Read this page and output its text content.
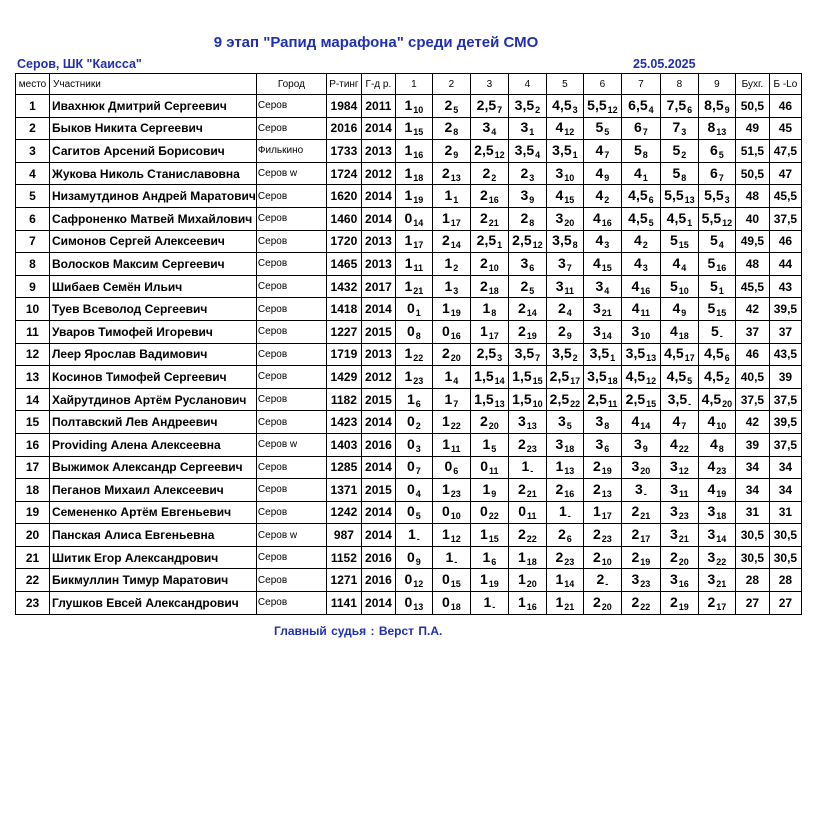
9 этап "Рапид марафона" среди детей СМО
Серов, ШК "Каисса"	25.05.2025
место	Участники	Город	Р-тинг	Г-д р.	1	2	3	4	5	6	7	8	9	Бухг.	Б -Lo
1	Ивахнюк Дмитрий Сергеевич	Серов	1984	2011	$1_{10}$	$2_5$	$2,5_7$	$3,5_2$	$4,5_3$	$5,5_{12}$	$6,5_4$	$7,5_6$	$8,5_9$	50,5	46
2	Быков Никита Сергеевич	Серов	2016	2014	$1_{15}$	$2_8$	$3_4$	$3_1$	$4_{12}$	$5_5$	$6_7$	$7_3$	$8_{13}$	49	45
3	Сагитов Арсений Борисович	Филькино	1733	2013	$1_{16}$	$2_9$	$2,5_{12}$	$3,5_4$	$3,5_1$	$4_7$	$5_8$	$5_2$	$6_5$	51,5	47,5
4	Жукова Николь Станиславовна	Серов w	1724	2012	$1_{18}$	$2_{13}$	$2_2$	$2_3$	$3_{10}$	$4_9$	$4_1$	$5_8$	$6_7$	50,5	47
5	Низамутдинов Андрей Маратович	Серов	1620	2014	$1_{19}$	$1_1$	$2_{16}$	$3_9$	$4_{15}$	$4_2$	$4,5_6$	$5,5_{13}$	$5,5_3$	48	45,5
6	Сафроненко Матвей Михайлович	Серов	1460	2014	$0_{14}$	$1_{17}$	$2_{21}$	$2_8$	$3_{20}$	$4_{16}$	$4,5_5$	$4,5_1$	$5,5_{12}$	40	37,5
7	Симонов Сергей Алексеевич	Серов	1720	2013	$1_{17}$	$2_{14}$	$2,5_1$	$2,5_{12}$	$3,5_8$	$4_3$	$4_2$	$5_{15}$	$5_4$	49,5	46
8	Волосков Максим Сергеевич	Серов	1465	2013	$1_{11}$	$1_2$	$2_{10}$	$3_6$	$3_7$	$4_{15}$	$4_3$	$4_4$	$5_{16}$	48	44
9	Шибаев Семён Ильич	Серов	1432	2017	$1_{21}$	$1_3$	$2_{18}$	$2_5$	$3_{11}$	$3_4$	$4_{16}$	$5_{10}$	$5_1$	45,5	43
10	Туев Всеволод Сергеевич	Серов	1418	2014	$0_1$	$1_{19}$	$1_8$	$2_{14}$	$2_4$	$3_{21}$	$4_{11}$	$4_9$	$5_{15}$	42	39,5
11	Уваров Тимофей Игоревич	Серов	1227	2015	$0_8$	$0_{16}$	$1_{17}$	$2_{19}$	$2_9$	$3_{14}$	$3_{10}$	$4_{18}$	$5_-$	37	37
12	Леер Ярослав Вадимович	Серов	1719	2013	$1_{22}$	$2_{20}$	$2,5_3$	$3,5_7$	$3,5_2$	$3,5_1$	$3,5_{13}$	$4,5_{17}$	$4,5_6$	46	43,5
13	Косинов Тимофей Сергеевич	Серов	1429	2012	$1_{23}$	$1_4$	$1,5_{14}$	$1,5_{15}$	$2,5_{17}$	$3,5_{18}$	$4,5_{12}$	$4,5_5$	$4,5_2$	40,5	39
14	Хайрутдинов Артём Русланович	Серов	1182	2015	$1_6$	$1_7$	$1,5_{13}$	$1,5_{10}$	$2,5_{22}$	$2,5_{11}$	$2,5_{15}$	$3,5_-$	$4,5_{20}$	37,5	37,5
15	Полтавский Лев Андреевич	Серов	1423	2014	$0_2$	$1_{22}$	$2_{20}$	$3_{13}$	$3_5$	$3_8$	$4_{14}$	$4_7$	$4_{10}$	42	39,5
16	Providing Алена Алексеевна	Серов w	1403	2016	$0_3$	$1_{11}$	$1_5$	$2_{23}$	$3_{18}$	$3_6$	$3_9$	$4_{22}$	$4_8$	39	37,5
17	Выжимок Александр Сергеевич	Серов	1285	2014	$0_7$	$0_6$	$0_{11}$	$1_-$	$1_{13}$	$2_{19}$	$3_{20}$	$3_{12}$	$4_{23}$	34	34
18	Пеганов Михаил Алексеевич	Серов	1371	2015	$0_4$	$1_{23}$	$1_9$	$2_{21}$	$2_{16}$	$2_{13}$	$3_-$	$3_{11}$	$4_{19}$	34	34
19	Семененко Артём Евгеньевич	Серов	1242	2014	$0_5$	$0_{10}$	$0_{22}$	$0_{11}$	$1_-$	$1_{17}$	$2_{21}$	$3_{23}$	$3_{18}$	31	31
20	Панская Алиса Евгеньевна	Серов w	987	2014	$1_-$	$1_{12}$	$1_{15}$	$2_{22}$	$2_6$	$2_{23}$	$2_{17}$	$3_{21}$	$3_{14}$	30,5	30,5
21	Шитик Егор Александрович	Серов	1152	2016	$0_9$	$1_-$	$1_6$	$1_{18}$	$2_{23}$	$2_{10}$	$2_{19}$	$2_{20}$	$3_{22}$	30,5	30,5
22	Бикмуллин Тимур Маратович	Серов	1271	2016	$0_{12}$	$0_{15}$	$1_{19}$	$1_{20}$	$1_{14}$	$2_-$	$3_{23}$	$3_{16}$	$3_{21}$	28	28
23	Глушков Евсей Александрович	Серов	1141	2014	$0_{13}$	$0_{18}$	$1_-$	$1_{16}$	$1_{21}$	$2_{20}$	$2_{22}$	$2_{19}$	$2_{17}$	27	27
Главный судья : Верст П.А.
